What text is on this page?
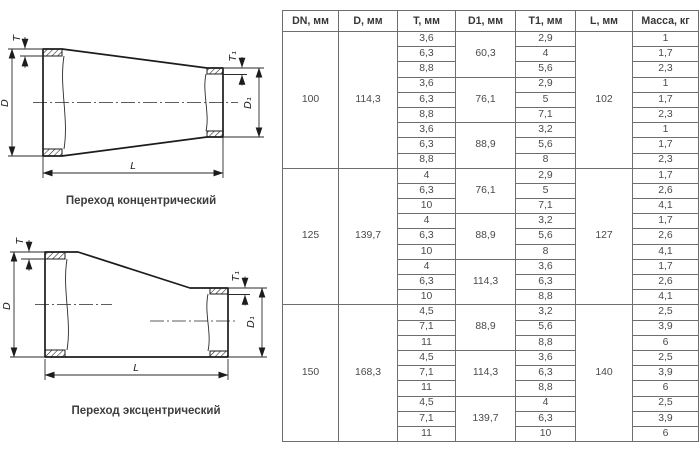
D
T
T₁
D₁
L
Переход концентрический
D
T
T₁
D₁
L
Переход эксцентрический
DN, мм	D, мм	T, мм	D1, мм	T1, мм	L, мм	Масса, кг
100	114,3	3,6	60,3	2,9	102	1
		6,3		4		1,7
		8,8		5,6		2,3
		3,6	76,1	2,9		1
		6,3		5		1,7
		8,8		7,1		2,3
		3,6	88,9	3,2		1
		6,3		5,6		1,7
		8,8		8		2,3
125	139,7	4	76,1	2,9	127	1,7
		6,3		5		2,6
		10		7,1		4,1
		4	88,9	3,2		1,7
		6,3		5,6		2,6
		10		8		4,1
		4	114,3	3,6		1,7
		6,3		6,3		2,6
		10		8,8		4,1
150	168,3	4,5	88,9	3,2	140	2,5
		7,1		5,6		3,9
		11		8,8		6
		4,5	114,3	3,6		2,5
		7,1		6,3		3,9
		11		8,8		6
		4,5	139,7	4		2,5
		7,1		6,3		3,9
		11		10		6
